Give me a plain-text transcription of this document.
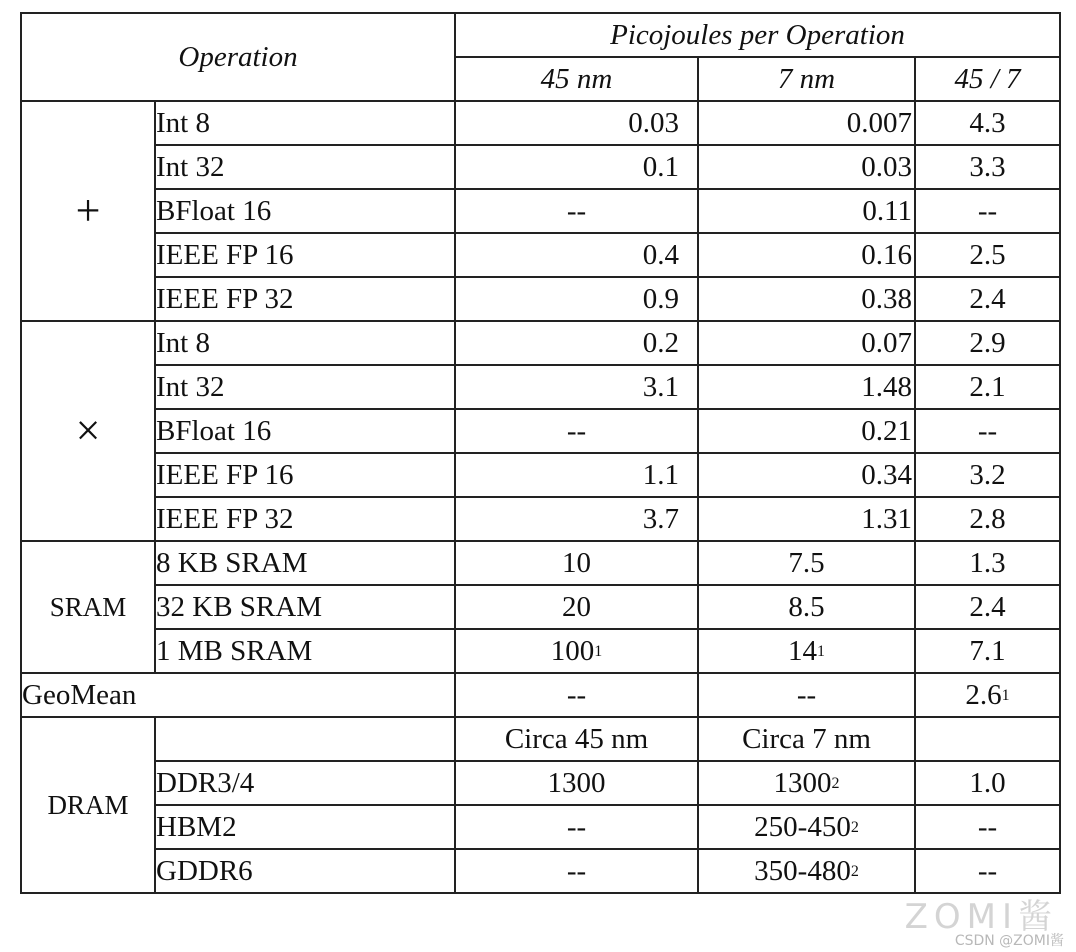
Operation		Picojoules per Operation		
		45 nm	7 nm	45 / 7
+	Int 8	0.03	0.007	4.3
	Int 32	0.1	0.03	3.3
	BFloat 16	--	0.11	--
	IEEE FP 16	0.4	0.16	2.5
	IEEE FP 32	0.9	0.38	2.4
×	Int 8	0.2	0.07	2.9
	Int 32	3.1	1.48	2.1
	BFloat 16	--	0.21	--
	IEEE FP 16	1.1	0.34	3.2
	IEEE FP 32	3.7	1.31	2.8
SRAM	8 KB SRAM	10	7.5	1.3
	32 KB SRAM	20	8.5	2.4
	1 MB SRAM	$100^1$	$14^1$	7.1
GeoMean		--	--	$2.6^1$
DRAM		Circa 45 nm	Circa 7 nm	
	DDR3/4	1300	1300$^2$	1.0
	HBM2	--	$250-450^2$	--
	GDDR6	--	$350-480^2$	--
ZOMI酱
CSDN @ZOMI酱
